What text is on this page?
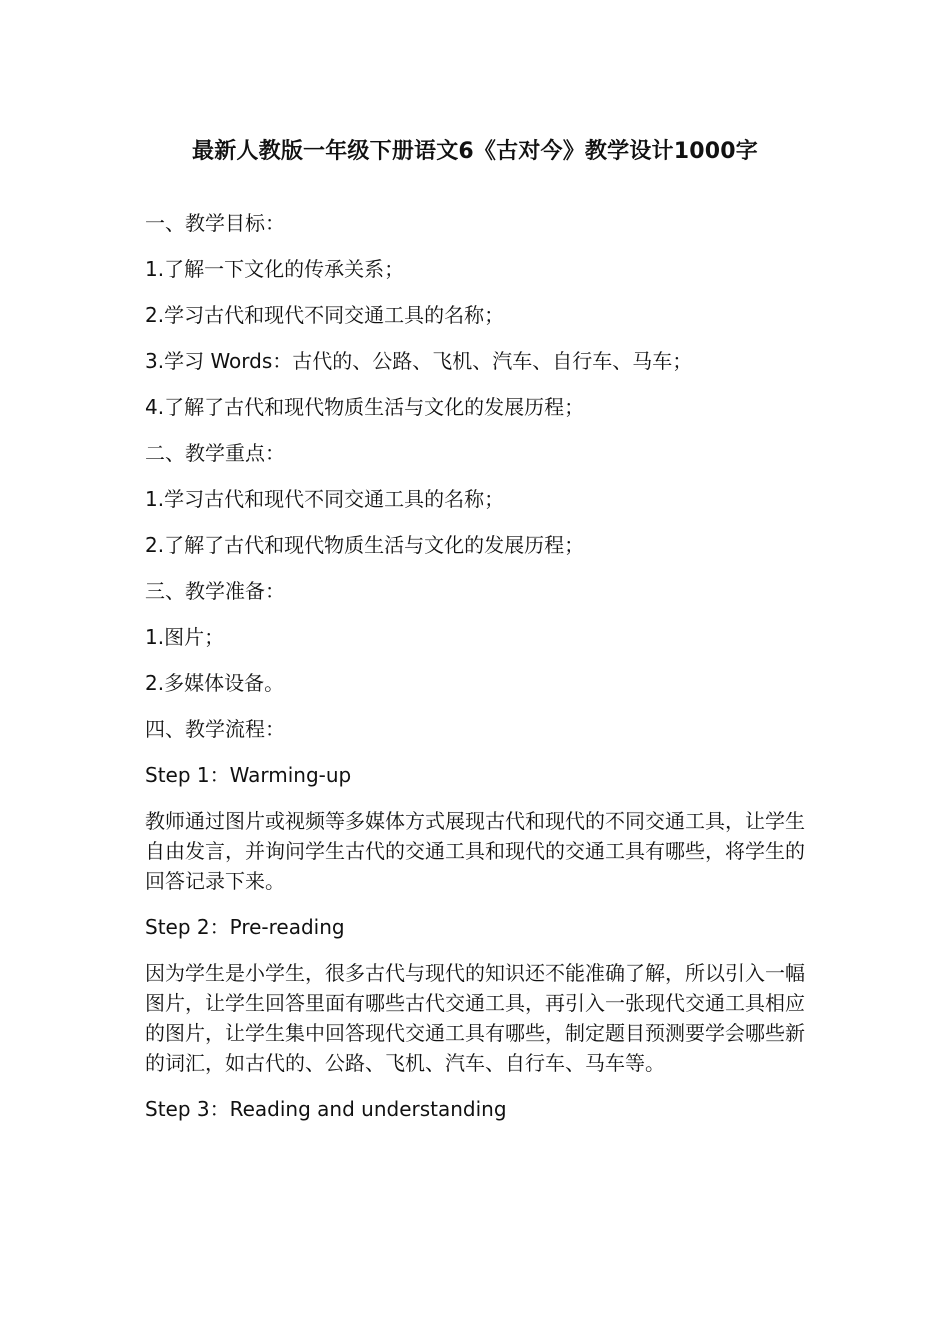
最新人教版一年级下册语文6《古对今》教学设计1000字

一、教学目标：

1.了解一下文化的传承关系；

2.学习古代和现代不同交通工具的名称；

3.学习 Words：古代的、公路、飞机、汽车、自行车、马车；

4.了解了古代和现代物质生活与文化的发展历程；

二、教学重点：

1.学习古代和现代不同交通工具的名称；

2.了解了古代和现代物质生活与文化的发展历程；

三、教学准备：

1.图片；

2.多媒体设备。

四、教学流程：

Step 1：Warming-up

教师通过图片或视频等多媒体方式展现古代和现代的不同交通工具，让学生自由发言，并询问学生古代的交通工具和现代的交通工具有哪些，将学生的回答记录下来。

Step 2：Pre-reading

因为学生是小学生，很多古代与现代的知识还不能准确了解，所以引入一幅图片，让学生回答里面有哪些古代交通工具，再引入一张现代交通工具相应的图片，让学生集中回答现代交通工具有哪些，制定题目预测要学会哪些新的词汇，如古代的、公路、飞机、汽车、自行车、马车等。

Step 3：Reading and understanding
